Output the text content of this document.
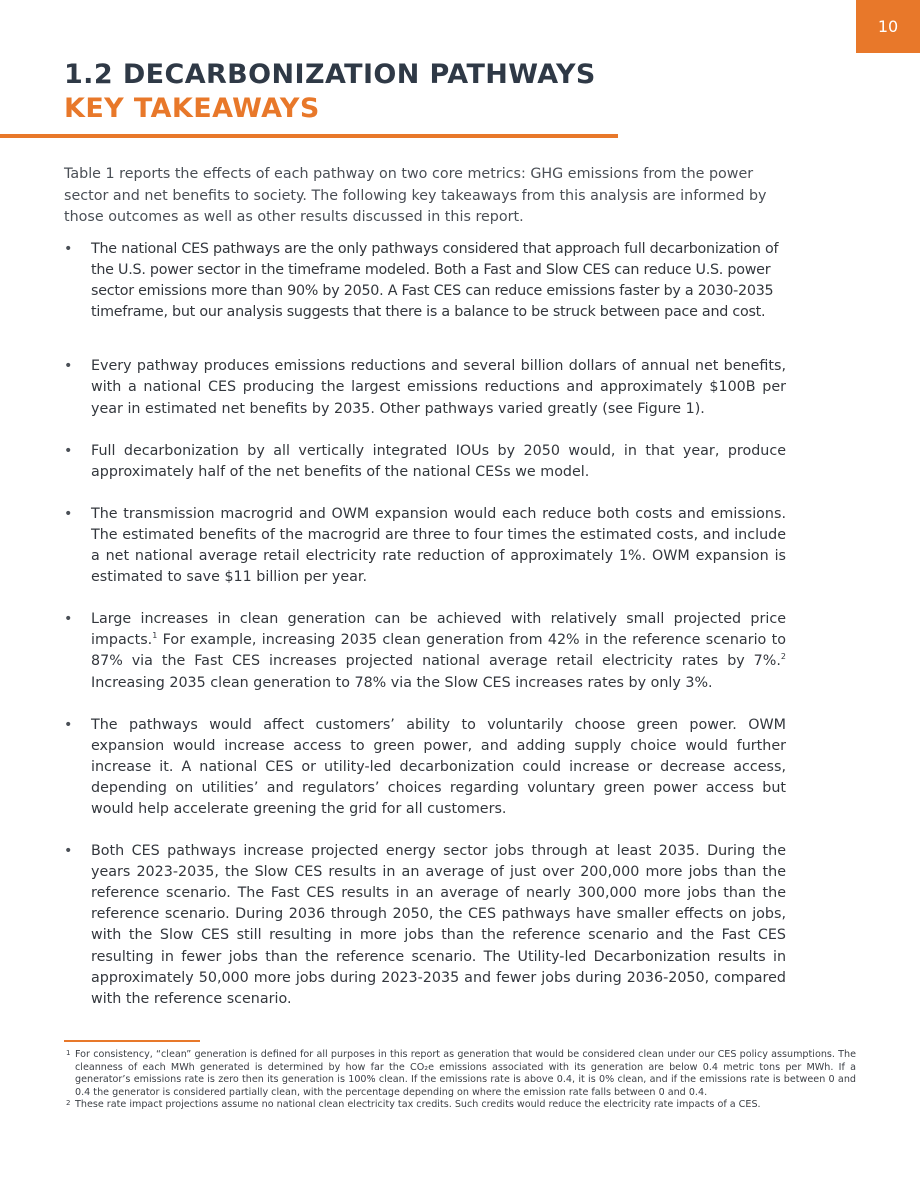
10
1.2 DECARBONIZATION PATHWAYS
KEY TAKEAWAYS

Table 1 reports the effects of each pathway on two core metrics: GHG emissions from the power sector and net benefits to society. The following key takeaways from this analysis are informed by those outcomes as well as other results discussed in this report.

• The national CES pathways are the only pathways considered that approach full decarbonization of the U.S. power sector in the timeframe modeled. Both a Fast and Slow CES can reduce U.S. power sector emissions more than 90% by 2050. A Fast CES can reduce emissions faster by a 2030-2035 timeframe, but our analysis suggests that there is a balance to be struck between pace and cost.
• Every pathway produces emissions reductions and several billion dollars of annual net benefits, with a national CES producing the largest emissions reductions and approximately $100B per year in estimated net benefits by 2035. Other pathways varied greatly (see Figure 1).
• Full decarbonization by all vertically integrated IOUs by 2050 would, in that year, produce approximately half of the net benefits of the national CESs we model.
• The transmission macrogrid and OWM expansion would each reduce both costs and emissions. The estimated benefits of the macrogrid are three to four times the estimated costs, and include a net national average retail electricity rate reduction of approximately 1%. OWM expansion is estimated to save $11 billion per year.
• Large increases in clean generation can be achieved with relatively small projected price impacts.$^1$ For example, increasing 2035 clean generation from 42% in the reference scenario to 87% via the Fast CES increases projected national average retail electricity rates by 7%.$^2$ Increasing 2035 clean generation to 78% via the Slow CES increases rates by only 3%.
• The pathways would affect customers’ ability to voluntarily choose green power. OWM expansion would increase access to green power, and adding supply choice would further increase it. A national CES or utility-led decarbonization could increase or decrease access, depending on utilities’ and regulators’ choices regarding voluntary green power access but would help accelerate greening the grid for all customers.
• Both CES pathways increase projected energy sector jobs through at least 2035. During the years 2023-2035, the Slow CES results in an average of just over 200,000 more jobs than the reference scenario. The Fast CES results in an average of nearly 300,000 more jobs than the reference scenario. During 2036 through 2050, the CES pathways have smaller effects on jobs, with the Slow CES still resulting in more jobs than the reference scenario and the Fast CES resulting in fewer jobs than the reference scenario. The Utility-led Decarbonization results in approximately 50,000 more jobs during 2023-2035 and fewer jobs during 2036-2050, compared with the reference scenario.
1 For consistency, “clean” generation is defined for all purposes in this report as generation that would be considered clean under our CES policy assumptions. The cleanness of each MWh generated is determined by how far the CO₂e emissions associated with its generation are below 0.4 metric tons per MWh. If a generator’s emissions rate is zero then its generation is 100% clean. If the emissions rate is above 0.4, it is 0% clean, and if the emissions rate is between 0 and 0.4 the generator is considered partially clean, with the percentage depending on where the emission rate falls between 0 and 0.4.
2 These rate impact projections assume no national clean electricity tax credits. Such credits would reduce the electricity rate impacts of a CES.
